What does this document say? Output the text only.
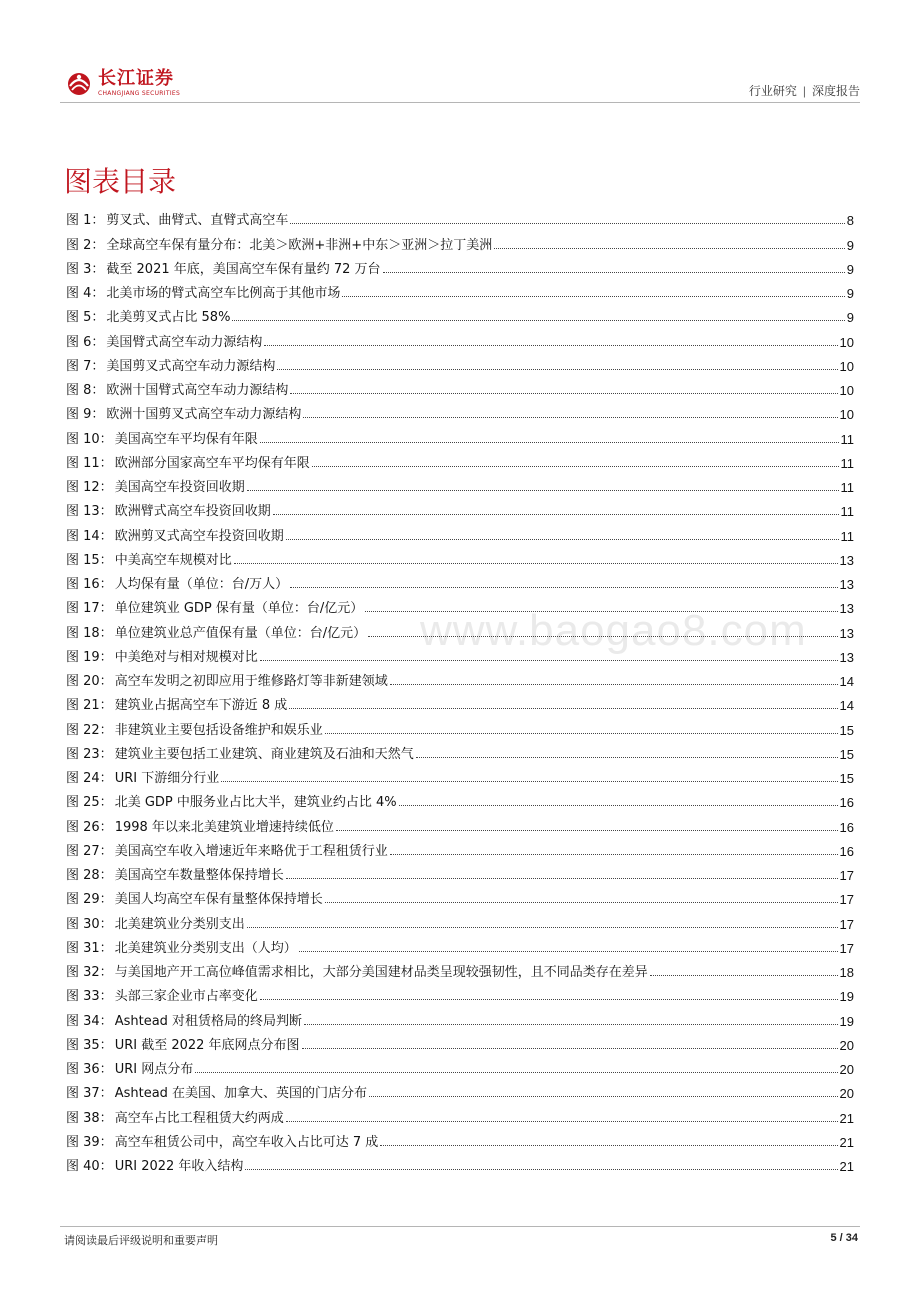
长江证券
CHANGJIANG SECURITIES	行业研究 | 深度报告
图表目录
www.baogao8.com
图 1： 剪叉式、曲臂式、直臂式高空车	8
图 2： 全球高空车保有量分布：北美＞欧洲+非洲+中东＞亚洲＞拉丁美洲	9
图 3： 截至 2021 年底，美国高空车保有量约 72 万台	9
图 4： 北美市场的臂式高空车比例高于其他市场	9
图 5： 北美剪叉式占比 58%	9
图 6： 美国臂式高空车动力源结构	10
图 7： 美国剪叉式高空车动力源结构	10
图 8： 欧洲十国臂式高空车动力源结构	10
图 9： 欧洲十国剪叉式高空车动力源结构	10
图 10： 美国高空车平均保有年限	11
图 11： 欧洲部分国家高空车平均保有年限	11
图 12： 美国高空车投资回收期	11
图 13： 欧洲臂式高空车投资回收期	11
图 14： 欧洲剪叉式高空车投资回收期	11
图 15： 中美高空车规模对比	13
图 16： 人均保有量（单位：台/万人）	13
图 17： 单位建筑业 GDP 保有量（单位：台/亿元）	13
图 18： 单位建筑业总产值保有量（单位：台/亿元）	13
图 19： 中美绝对与相对规模对比	13
图 20： 高空车发明之初即应用于维修路灯等非新建领域	14
图 21： 建筑业占据高空车下游近 8 成	14
图 22： 非建筑业主要包括设备维护和娱乐业	15
图 23： 建筑业主要包括工业建筑、商业建筑及石油和天然气	15
图 24： URI 下游细分行业	15
图 25： 北美 GDP 中服务业占比大半，建筑业约占比 4%	16
图 26： 1998 年以来北美建筑业增速持续低位	16
图 27： 美国高空车收入增速近年来略优于工程租赁行业	16
图 28： 美国高空车数量整体保持增长	17
图 29： 美国人均高空车保有量整体保持增长	17
图 30： 北美建筑业分类别支出	17
图 31： 北美建筑业分类别支出（人均）	17
图 32： 与美国地产开工高位峰值需求相比，大部分美国建材品类呈现较强韧性，且不同品类存在差异	18
图 33： 头部三家企业市占率变化	19
图 34： Ashtead 对租赁格局的终局判断	19
图 35： URI 截至 2022 年底网点分布图	20
图 36： URI 网点分布	20
图 37： Ashtead 在美国、加拿大、英国的门店分布	20
图 38： 高空车占比工程租赁大约两成	21
图 39： 高空车租赁公司中，高空车收入占比可达 7 成	21
图 40： URI 2022 年收入结构	21
请阅读最后评级说明和重要声明	5 / 34
